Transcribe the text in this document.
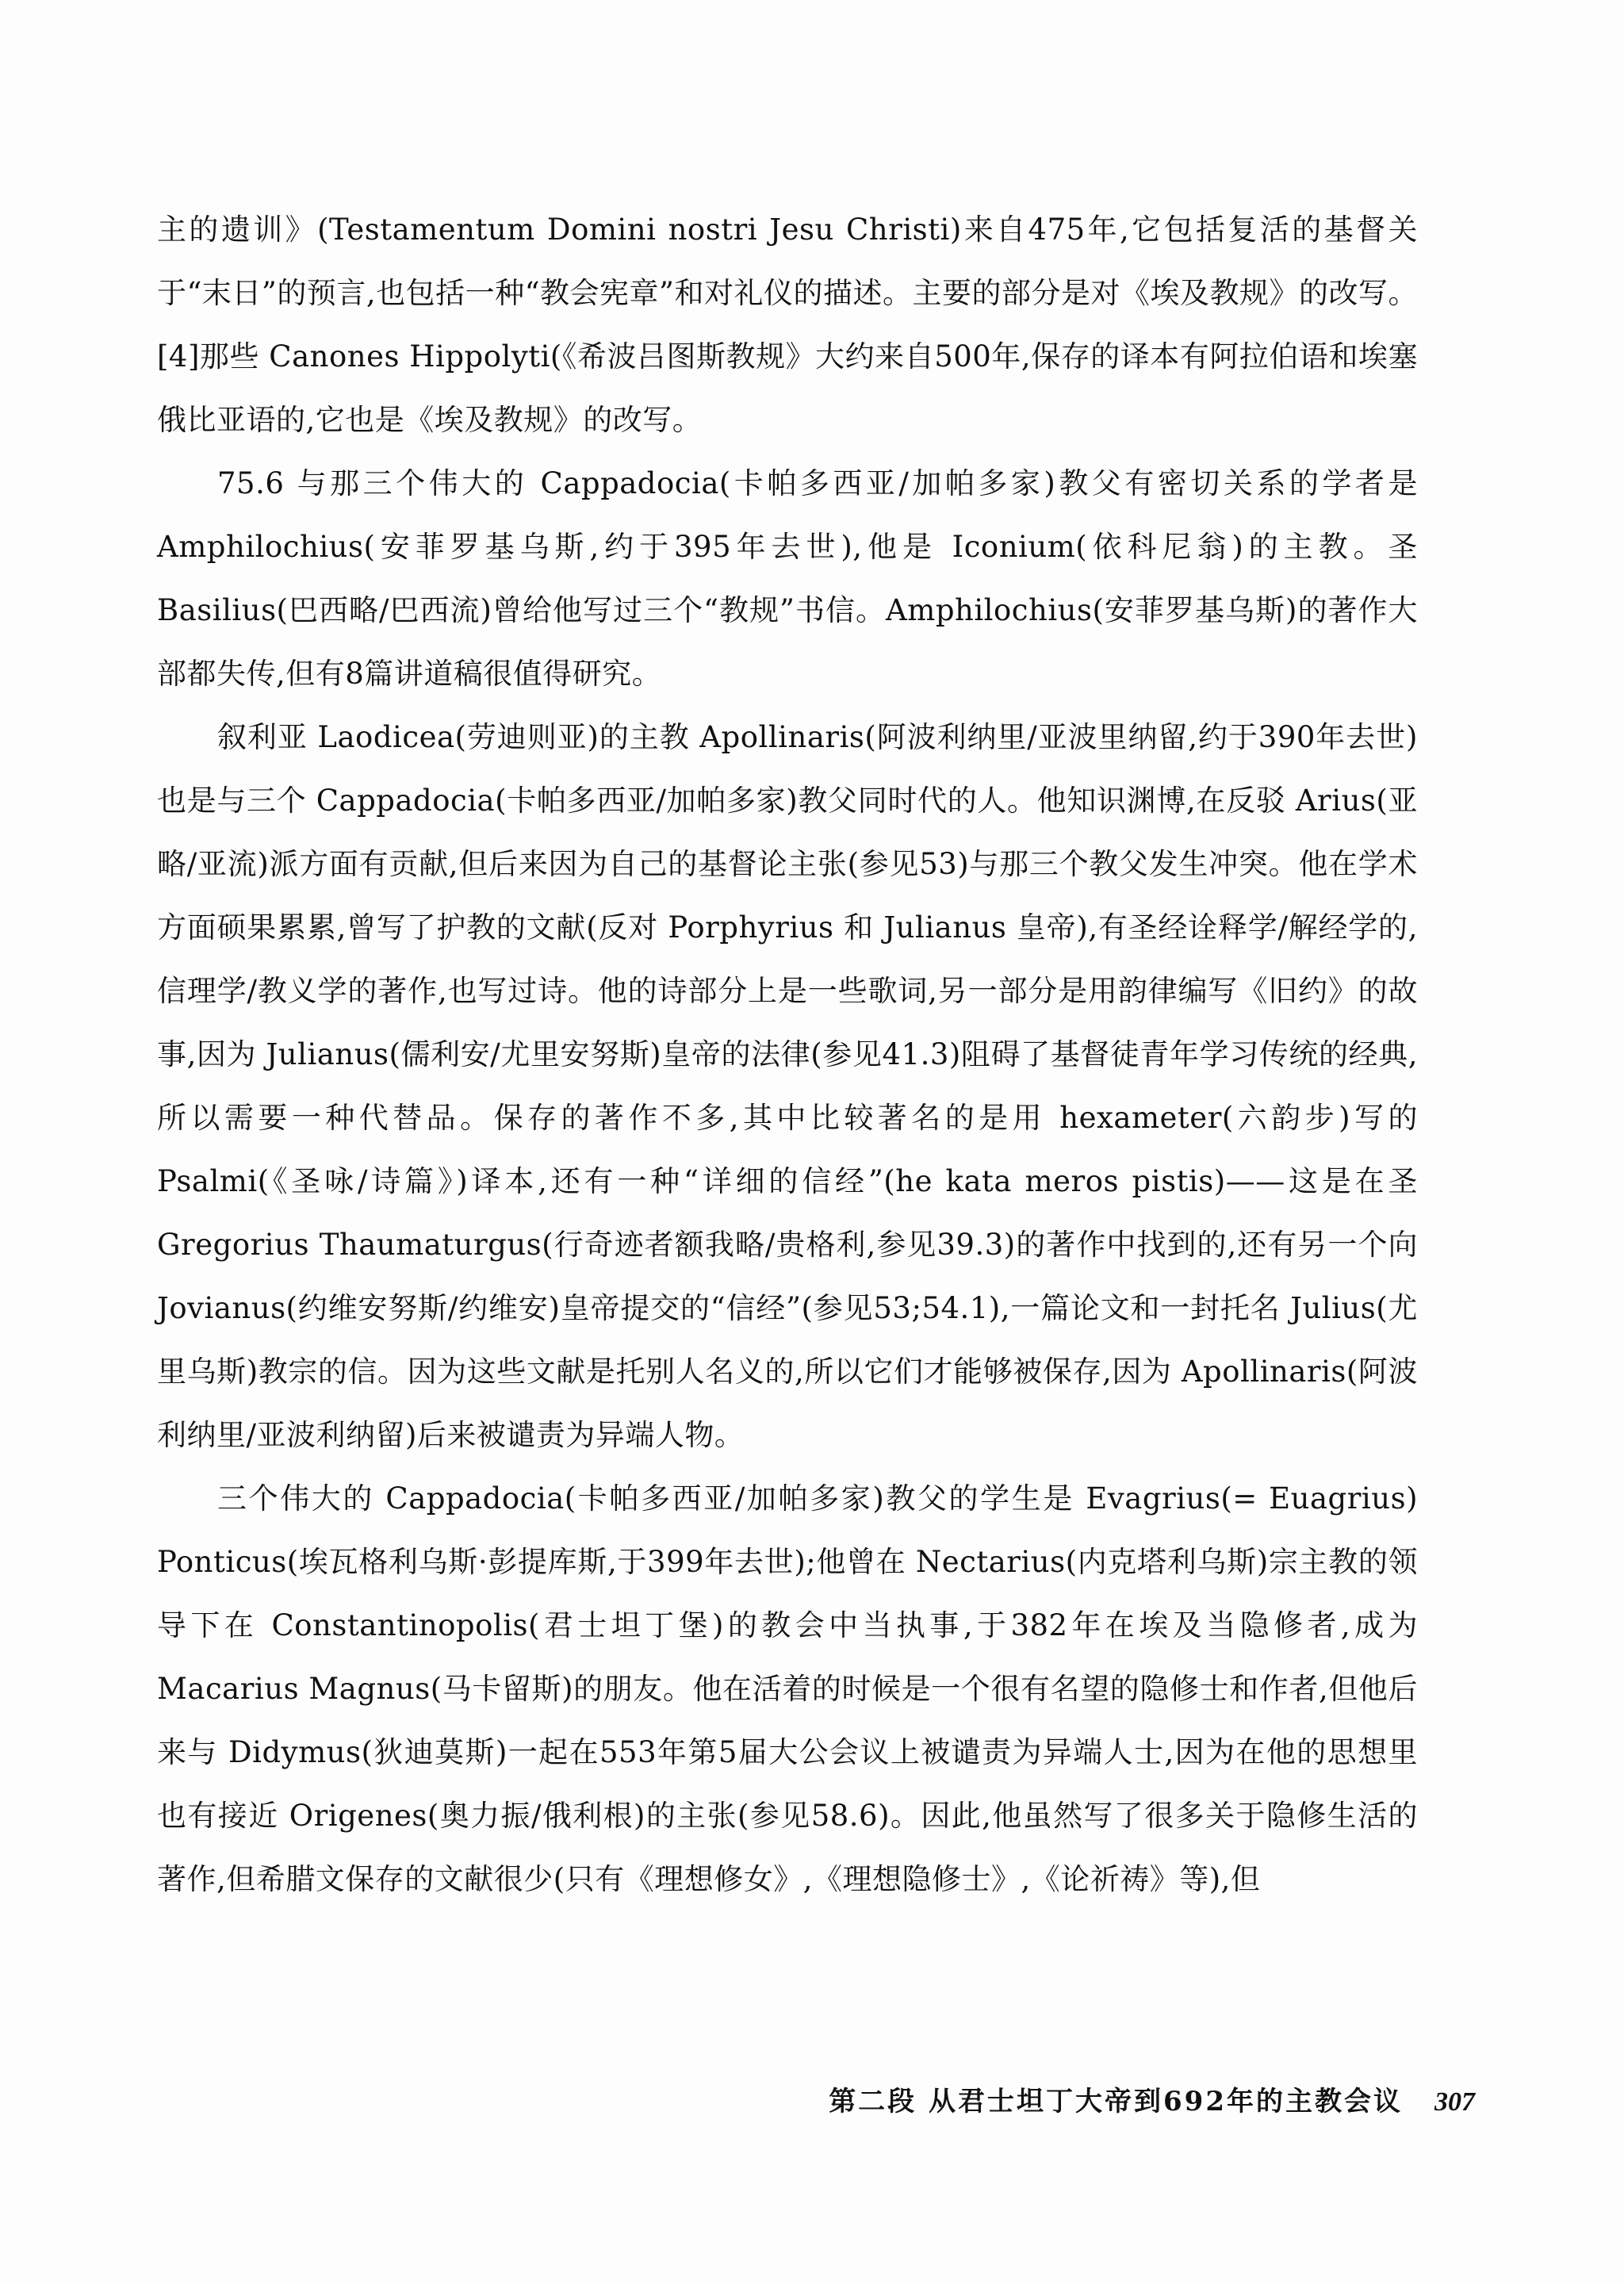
主的遗训》(Testamentum Domini nostri Jesu Christi)来自475年,它包括复活的基督关于“末日”的预言,也包括一种“教会宪章”和对礼仪的描述。主要的部分是对《埃及教规》的改写。[4]那些 Canones Hippolyti(《希波吕图斯教规》大约来自500年,保存的译本有阿拉伯语和埃塞俄比亚语的,它也是《埃及教规》的改写。

75.6 与那三个伟大的 Cappadocia(卡帕多西亚/加帕多家)教父有密切关系的学者是 Amphilochius(安菲罗基乌斯,约于395年去世),他是 Iconium(依科尼翁)的主教。圣 Basilius(巴西略/巴西流)曾给他写过三个“教规”书信。Amphilochius(安菲罗基乌斯)的著作大部都失传,但有8篇讲道稿很值得研究。

叙利亚 Laodicea(劳迪则亚)的主教 Apollinaris(阿波利纳里/亚波里纳留,约于390年去世)也是与三个 Cappadocia(卡帕多西亚/加帕多家)教父同时代的人。他知识渊博,在反驳 Arius(亚略/亚流)派方面有贡献,但后来因为自己的基督论主张(参见53)与那三个教父发生冲突。他在学术方面硕果累累,曾写了护教的文献(反对 Porphyrius 和 Julianus 皇帝),有圣经诠释学/解经学的,信理学/教义学的著作,也写过诗。他的诗部分上是一些歌词,另一部分是用韵律编写《旧约》的故事,因为 Julianus(儒利安/尤里安努斯)皇帝的法律(参见41.3)阻碍了基督徒青年学习传统的经典,所以需要一种代替品。保存的著作不多,其中比较著名的是用 hexameter(六韵步)写的 Psalmi(《圣咏/诗篇》)译本,还有一种“详细的信经”(he kata meros pistis)——这是在圣 Gregorius Thaumaturgus(行奇迹者额我略/贵格利,参见39.3)的著作中找到的,还有另一个向 Jovianus(约维安努斯/约维安)皇帝提交的“信经”(参见53;54.1),一篇论文和一封托名 Julius(尤里乌斯)教宗的信。因为这些文献是托别人名义的,所以它们才能够被保存,因为 Apollinaris(阿波利纳里/亚波利纳留)后来被谴责为异端人物。

三个伟大的 Cappadocia(卡帕多西亚/加帕多家)教父的学生是 Evagrius(= Euagrius) Ponticus(埃瓦格利乌斯·彭提库斯,于399年去世);他曾在 Nectarius(内克塔利乌斯)宗主教的领导下在 Constantinopolis(君士坦丁堡)的教会中当执事,于382年在埃及当隐修者,成为 Macarius Magnus(马卡留斯)的朋友。他在活着的时候是一个很有名望的隐修士和作者,但他后来与 Didymus(狄迪莫斯)一起在553年第5届大公会议上被谴责为异端人士,因为在他的思想里也有接近 Origenes(奥力振/俄利根)的主张(参见58.6)。因此,他虽然写了很多关于隐修生活的著作,但希腊文保存的文献很少(只有《理想修女》,《理想隐修士》,《论祈祷》等),但

第二段 从君士坦丁大帝到692年的主教会议 307
